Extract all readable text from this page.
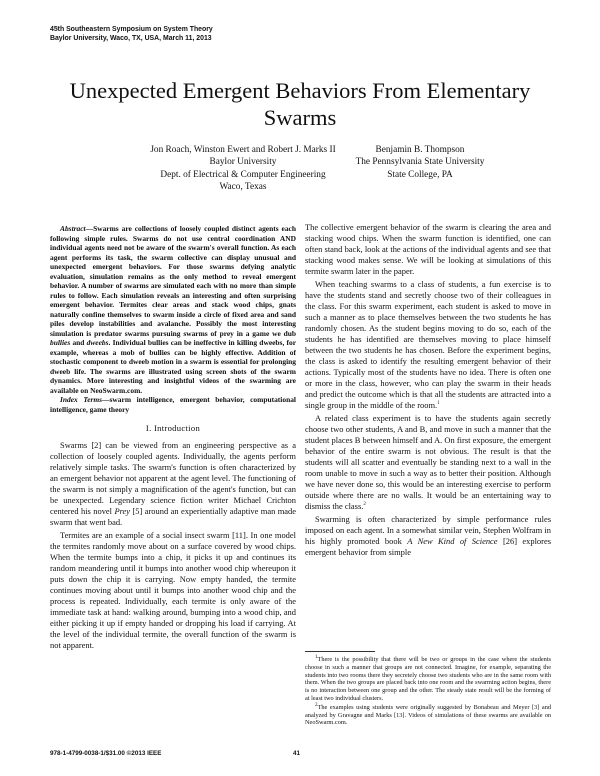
45th Southeastern Symposium on System Theory
Baylor University, Waco, TX, USA, March 11, 2013
Unexpected Emergent Behaviors From Elementary
Swarms
Jon Roach, Winston Ewert and Robert J. Marks II
Baylor University
Dept. of Electrical & Computer Engineering
Waco, Texas
Benjamin B. Thompson
The Pennsylvania State University
State College, PA

Abstract—Swarms are collections of loosely coupled distinct agents each following simple rules. Swarms do not use central coordination AND individual agents need not be aware of the swarm's overall function. As each agent performs its task, the swarm collective can display unusual and unexpected emergent behaviors. For those swarms defying analytic evaluation, simulation remains as the only method to reveal emergent behavior. A number of swarms are simulated each with no more than simple rules to follow. Each simulation reveals an interesting and often surprising emergent behavior. Termites clear areas and stack wood chips, gnats naturally confine themselves to swarm inside a circle of fixed area and sand piles develop instabilities and avalanche. Possibly the most interesting simulation is predator swarms pursuing swarms of prey in a game we dub bullies and dweebs. Individual bullies can be ineffective in killing dweebs, for example, whereas a mob of bullies can be highly effective. Addition of stochastic component to dweeb motion in a swarm is essential for prolonging dweeb life. The swarms are illustrated using screen shots of the swarm dynamics. More interesting and insightful videos of the swarming are available on NeoSwarm.com.

Index Terms—swarm intelligence, emergent behavior, computational intelligence, game theory

I. Introduction

Swarms [2] can be viewed from an engineering perspective as a collection of loosely coupled agents. Individually, the agents perform relatively simple tasks. The swarm's function is often characterized by an emergent behavior not apparent at the agent level. The functioning of the swarm is not simply a magnification of the agent's function, but can be unexpected. Legendary science fiction writer Michael Crichton centered his novel Prey [5] around an experientially adaptive man made swarm that went bad.

Termites are an example of a social insect swarm [11]. In one model the termites randomly move about on a surface covered by wood chips. When the termite bumps into a chip, it picks it up and continues its random meandering until it bumps into another wood chip whereupon it puts down the chip it is carrying. Now empty handed, the termite continues moving about until it bumps into another wood chip and the process is repeated. Individually, each termite is only aware of the immediate task at hand: walking around, bumping into a wood chip, and either picking it up if empty handed or dropping his load if carrying. At the level of the individual termite, the overall function of the swarm is not apparent.

The collective emergent behavior of the swarm is clearing the area and stacking wood chips. When the swarm function is identified, one can often stand back, look at the actions of the individual agents and see that stacking wood makes sense. We will be looking at simulations of this termite swarm later in the paper.

When teaching swarms to a class of students, a fun exercise is to have the students stand and secretly choose two of their colleagues in the class. For this swarm experiment, each student is asked to move in such a manner as to place themselves between the two students he has randomly chosen. As the student begins moving to do so, each of the students he has identified are themselves moving to place himself between the two students he has chosen. Before the experiment begins, the class is asked to identify the resulting emergent behavior of their actions. Typically most of the students have no idea. There is often one or more in the class, however, who can play the swarm in their heads and predict the outcome which is that all the students are attracted into a single group in the middle of the room.$^1$

A related class experiment is to have the students again secretly choose two other students, A and B, and move in such a manner that the student places B between himself and A. On first exposure, the emergent behavior of the entire swarm is not obvious. The result is that the students will all scatter and eventually be standing next to a wall in the room unable to move in such a way as to better their position. Although we have never done so, this would be an interesting exercise to perform outside where there are no walls. It would be an entertaining way to dismiss the class.$^2$

Swarming is often characterized by simple performance rules imposed on each agent. In a somewhat similar vein, Stephen Wolfram in his highly promoted book A New Kind of Science [26] explores emergent behavior from simple

$^1$There is the possibility that there will be two or groups in the case where the students choose in such a manner that groups are not connected. Imagine, for example, separating the students into two rooms there they secretely choose two students who are in the same room with them. When the two groups are placed back into one room and the swarming action begins, there is no interaction between one group and the other. The steady state result will be the forming of at least two individual clusters.

$^2$The examples using students were originally suggested by Bonabeau and Meyer [3] and analyzed by Gravagne and Marks [13]. Videos of simulations of these swarms are available on NeoSwarm.com.

978-1-4799-0038-1/$31.00 ©2013 IEEE	41
